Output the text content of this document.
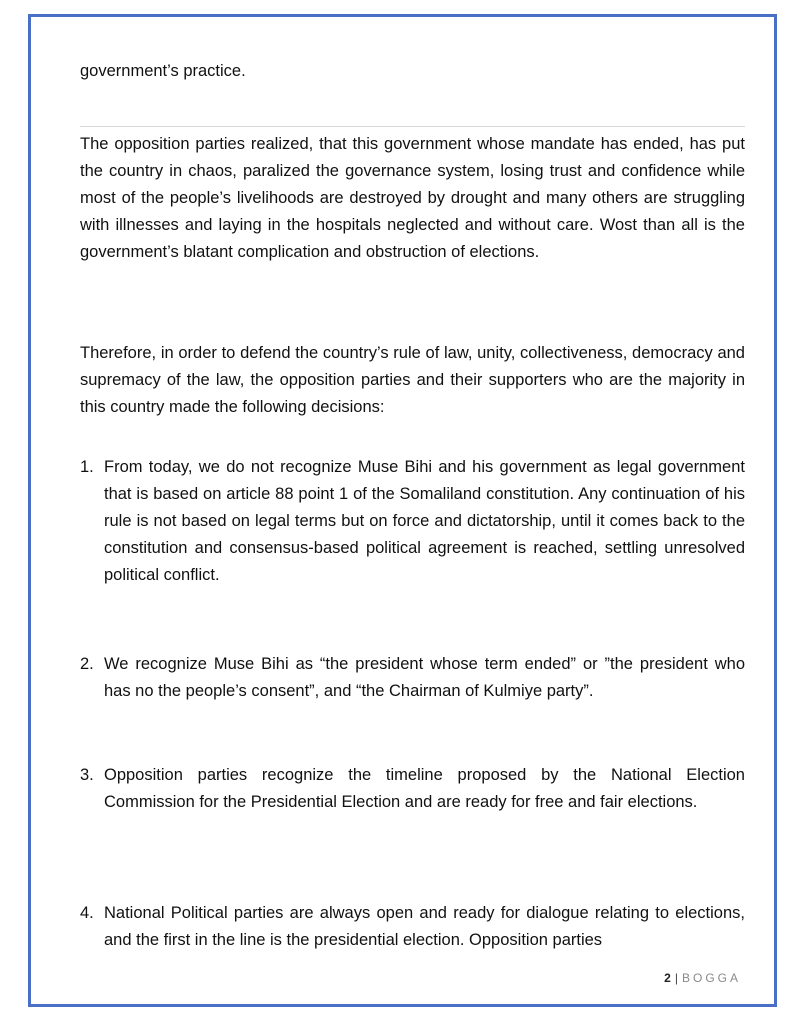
government’s practice.

The opposition parties realized, that this government whose mandate has ended, has put the country in chaos, paralized the governance system, losing trust and confidence while most of the people’s livelihoods are destroyed by drought and many others are struggling with illnesses and laying in the hospitals neglected and without care. Wost than all is the government’s blatant complication and obstruction of elections.

Therefore, in order to defend the country’s rule of law, unity, collectiveness, democracy and supremacy of the law, the opposition parties and their supporters who are the majority in this country made the following decisions:

1. From today, we do not recognize Muse Bihi and his government as legal government that is based on article 88 point 1 of the Somaliland constitution. Any continuation of his rule is not based on legal terms but on force and dictatorship, until it comes back to the constitution and consensus-based political agreement is reached, settling unresolved political conflict.
2. We recognize Muse Bihi as “the president whose term ended” or ”the president who has no the people’s consent”, and “the Chairman of Kulmiye party”.
3. Opposition parties recognize the timeline proposed by the National Election Commission for the Presidential Election and are ready for free and fair elections.
4. National Political parties are always open and ready for dialogue relating to elections, and the first in the line is the presidential election. Opposition parties
2 | BOGGA
